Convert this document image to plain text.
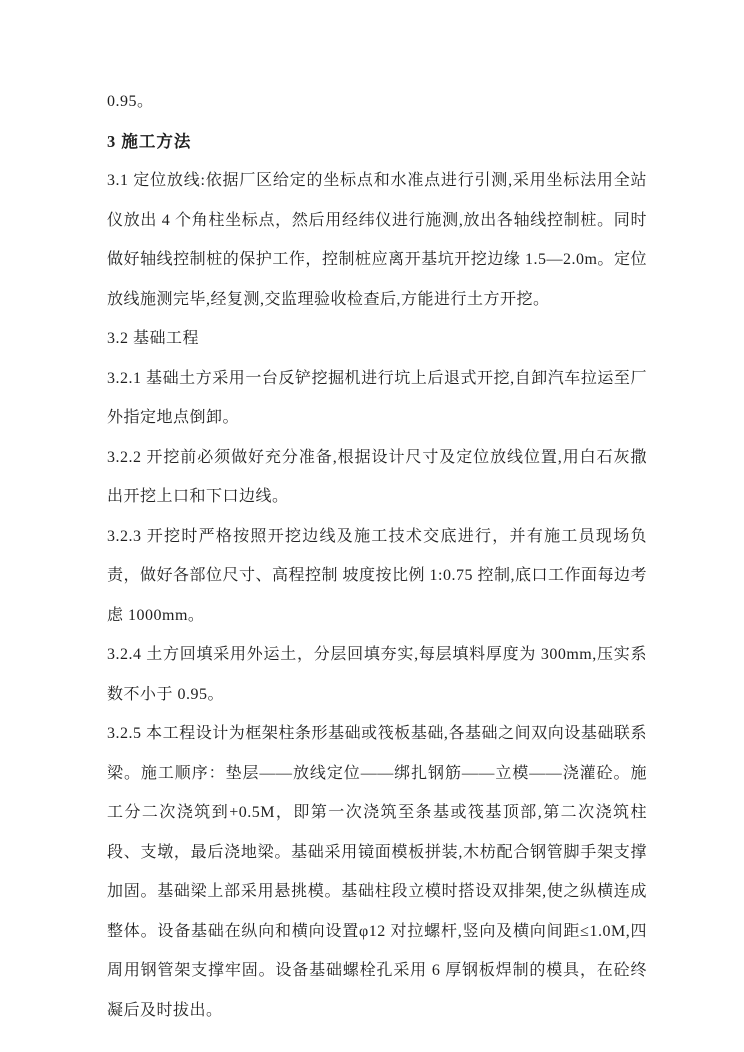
0.95。

3 施工方法

3.1 定位放线:依据厂区给定的坐标点和水准点进行引测,采用坐标法用全站仪放出 4 个角柱坐标点，然后用经纬仪进行施测,放出各轴线控制桩。同时做好轴线控制桩的保护工作，控制桩应离开基坑开挖边缘 1.5—2.0m。定位放线施测完毕,经复测,交监理验收检查后,方能进行土方开挖。

3.2 基础工程

3.2.1 基础土方采用一台反铲挖掘机进行坑上后退式开挖,自卸汽车拉运至厂外指定地点倒卸。

3.2.2 开挖前必须做好充分准备,根据设计尺寸及定位放线位置,用白石灰撒出开挖上口和下口边线。

3.2.3 开挖时严格按照开挖边线及施工技术交底进行，并有施工员现场负责，做好各部位尺寸、高程控制 坡度按比例 1:0.75 控制,底口工作面每边考虑 1000mm。

3.2.4 土方回填采用外运土，分层回填夯实,每层填料厚度为 300mm,压实系数不小于 0.95。

3.2.5 本工程设计为框架柱条形基础或筏板基础,各基础之间双向设基础联系梁。施工顺序：垫层——放线定位——绑扎钢筋——立模——浇灌砼。施工分二次浇筑到+0.5M，即第一次浇筑至条基或筏基顶部,第二次浇筑柱段、支墩，最后浇地梁。基础采用镜面模板拼装,木枋配合钢管脚手架支撑加固。基础梁上部采用悬挑模。基础柱段立模时搭设双排架,使之纵横连成整体。设备基础在纵向和横向设置φ12 对拉螺杆,竖向及横向间距≤1.0M,四周用钢管架支撑牢固。设备基础螺栓孔采用 6 厚钢板焊制的模具，在砼终凝后及时拔出。
